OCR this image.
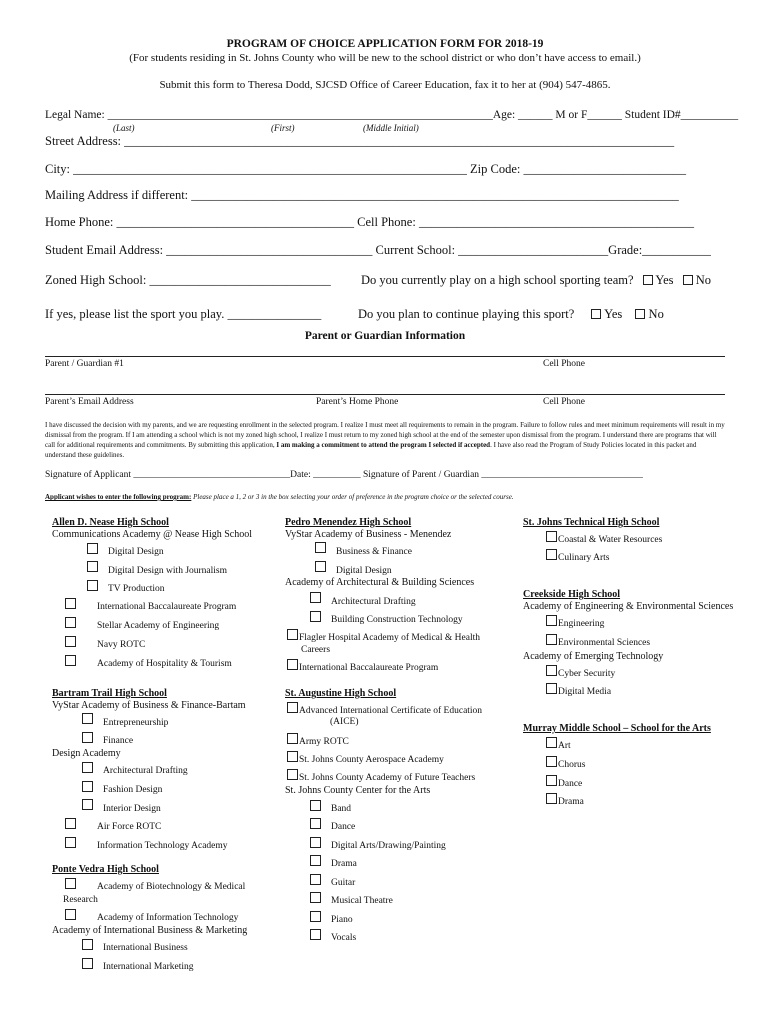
PROGRAM OF CHOICE APPLICATION FORM FOR 2018-19
(For students residing in St. Johns County who will be new to the school district or who don’t have access to email.)
Submit this form to Theresa Dodd, SJCSD Office of Career Education, fax it to her at (904) 547-4865.
Legal Name: ___________________________________________________________________Age: ______ M or F______ Student ID#__________
(Last)	(First)	(Middle Initial)
Street Address: ________________________________________________________________________________________
City: _______________________________________________________________ Zip Code: __________________________
Mailing Address if different: ______________________________________________________________________________
Home Phone: ______________________________________ Cell Phone: ____________________________________________
Student Email Address: _________________________________ Current School: ________________________Grade:___________
Zoned High School: _____________________________ Do you currently play on a high school sporting team? Yes No
If yes, please list the sport you play. _______________	Do you plan to continue playing this sport? Yes No
Parent or Guardian Information
Parent / Guardian #1	Cell Phone
Parent’s Email Address	Parent’s Home Phone	Cell Phone
I have discussed the decision with my parents, and we are requesting enrollment in the selected program. I realize I must meet all requirements to remain in the program. Failure to follow rules and meet minimum requirements will result in my dismissal from the program. If I am attending a school which is not my zoned high school, I realize I must return to my zoned high school at the end of the semester upon dismissal from the program. I understand there are programs that will call for additional requirements and commitments. By submitting this application, I am making a commitment to attend the program I selected if accepted. I have also read the Program of Study Policies located in this packet and understand these guidelines.
Signature of Applicant _________________________________Date: __________ Signature of Parent / Guardian __________________________________
Applicant wishes to enter the following program: Please place a 1, 2 or 3 in the box selecting your order of preference in the program choice or the selected course.
Allen D. Nease High School
Communications Academy @ Nease High School
Digital Design
Digital Design with Journalism
TV Production
International Baccalaureate Program
Stellar Academy of Engineering
Navy ROTC
Academy of Hospitality & Tourism
Bartram Trail High School
VyStar Academy of Business & Finance-Bartam
Entrepreneurship
Finance
Design Academy
Architectural Drafting
Fashion Design
Interior Design
Air Force ROTC
Information Technology Academy
Ponte Vedra High School
Academy of Biotechnology & Medical
Research
Academy of Information Technology
Academy of International Business & Marketing
International Business
International Marketing
Pedro Menendez High School
VyStar Academy of Business - Menendez
Business & Finance
Digital Design
Academy of Architectural & Building Sciences
Architectural Drafting
Building Construction Technology
Flagler Hospital Academy of Medical & Health
Careers
International Baccalaureate Program
St. Augustine High School
Advanced International Certificate of Education
(AICE)
Army ROTC
St. Johns County Aerospace Academy
St. Johns County Academy of Future Teachers
St. Johns County Center for the Arts
Band
Dance
Digital Arts/Drawing/Painting
Drama
Guitar
Musical Theatre
Piano
Vocals
St. Johns Technical High School
Coastal & Water Resources
Culinary Arts
Creekside High School
Academy of Engineering & Environmental Sciences
Engineering
Environmental Sciences
Academy of Emerging Technology
Cyber Security
Digital Media
Murray Middle School – School for the Arts
Art
Chorus
Dance
Drama
